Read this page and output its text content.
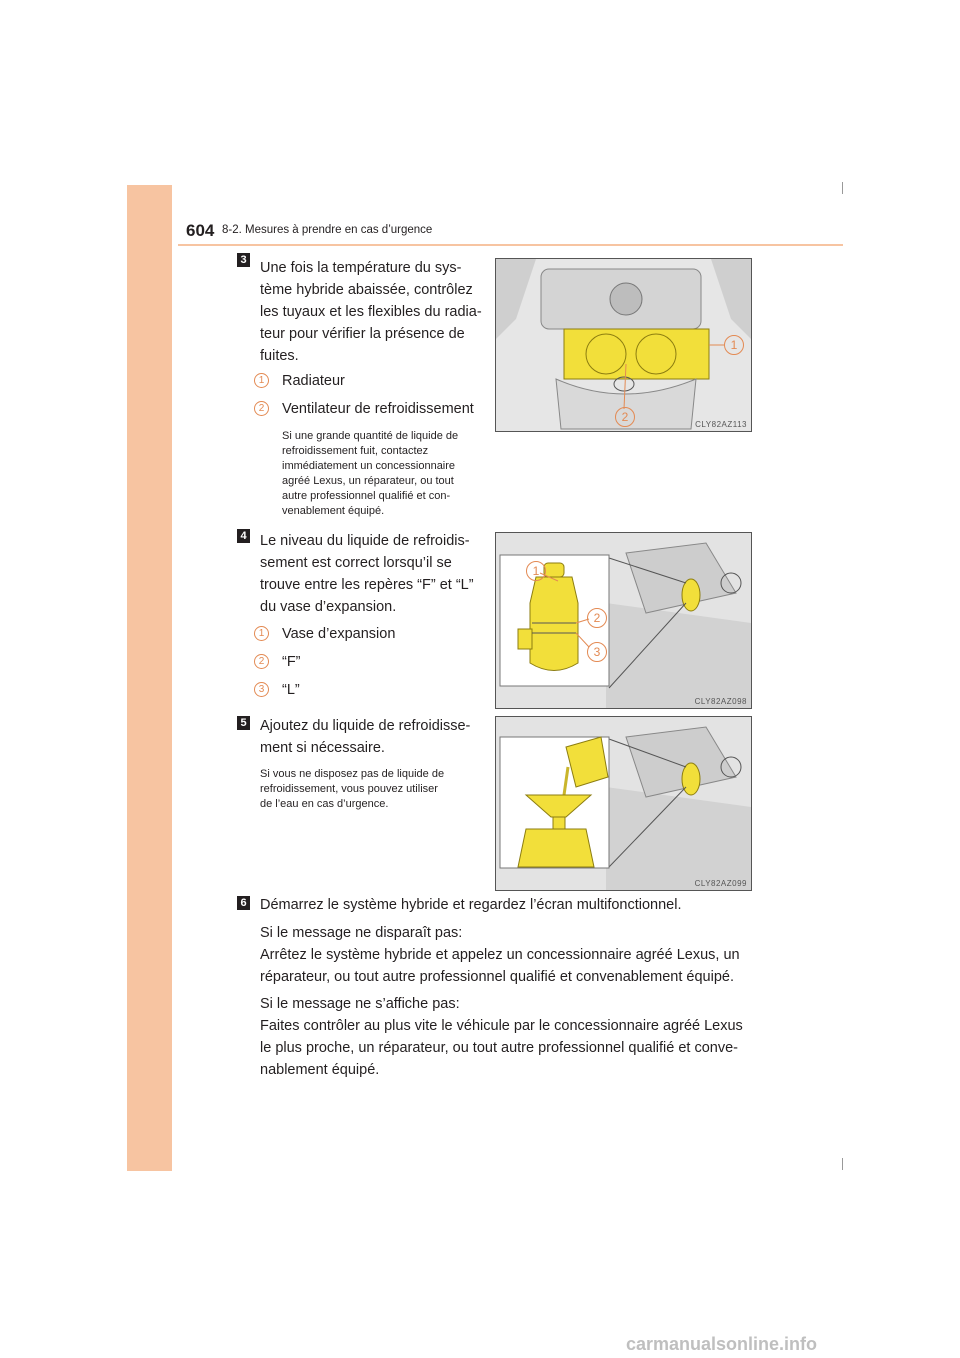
604 8-2. Mesures à prendre en cas d’urgence
3 Une fois la température du sys-
tème hybride abaissée, contrôlez
les tuyaux et les flexibles du radia-
teur pour vérifier la présence de
fuites.
1	Radiateur
2	Ventilateur de refroidissement
Si une grande quantité de liquide de
refroidissement fuit, contactez
immédiatement un concessionnaire
agréé Lexus, un réparateur, ou tout
autre professionnel qualifié et con-
venablement équipé.
1
2
CLY82AZ113
4 Le niveau du liquide de refroidis-
sement est correct lorsqu’il se
trouve entre les repères “F” et “L”
du vase d’expansion.
1	Vase d’expansion
2	“F”
3	“L”
1
2
3
CLY82AZ098
5 Ajoutez du liquide de refroidisse-
ment si nécessaire.
Si vous ne disposez pas de liquide de
refroidissement, vous pouvez utiliser
de l’eau en cas d’urgence.
CLY82AZ099
6 Démarrez le système hybride et regardez l’écran multifonctionnel.
Si le message ne disparaît pas:
Arrêtez le système hybride et appelez un concessionnaire agréé Lexus, un
réparateur, ou tout autre professionnel qualifié et convenablement équipé.
Si le message ne s’affiche pas:
Faites contrôler au plus vite le véhicule par le concessionnaire agréé Lexus
le plus proche, un réparateur, ou tout autre professionnel qualifié et conve-
nablement équipé.
carmanualsonline.info
